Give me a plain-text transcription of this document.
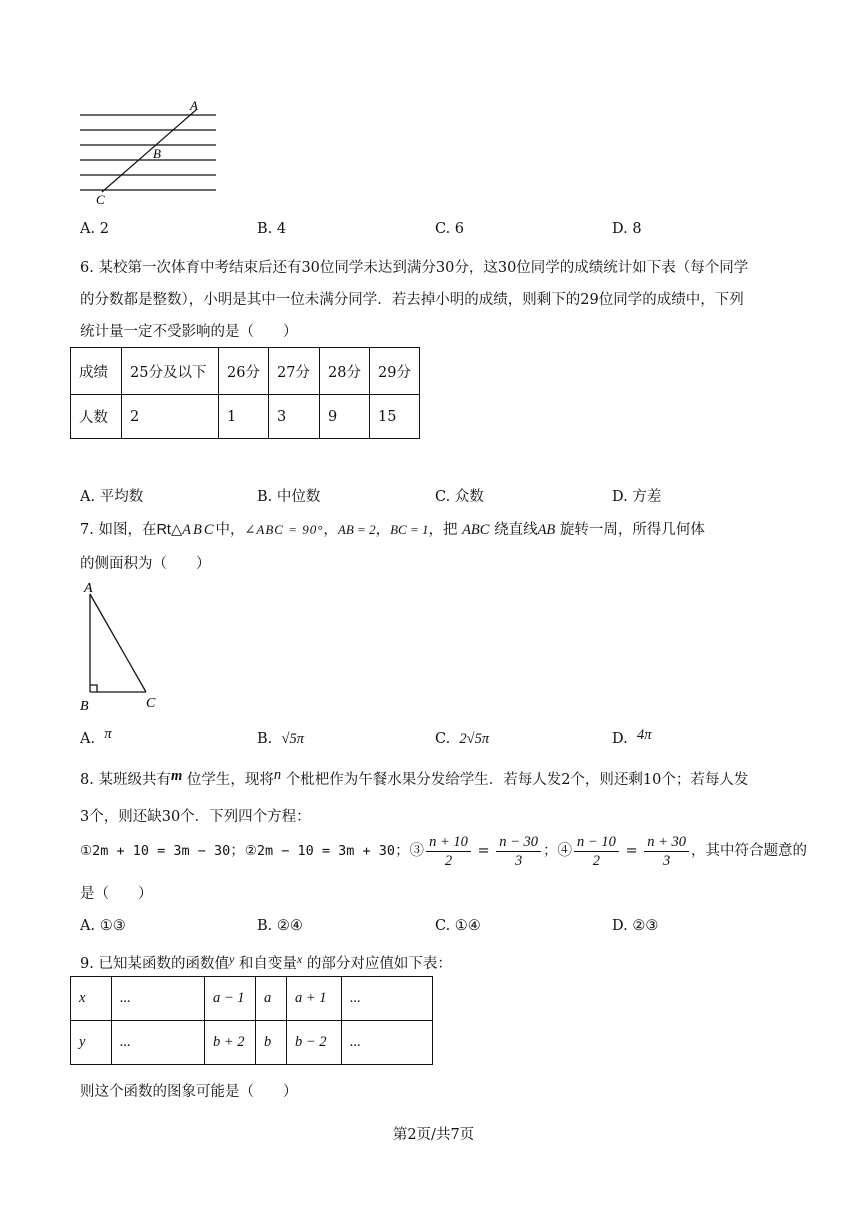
A
B
C
A. 2	B. 4	C. 6	D. 8
6. 某校第一次体育中考结束后还有30位同学未达到满分30分，这30位同学的成绩统计如下表（每个同学
的分数都是整数），小明是其中一位未满分同学．若去掉小明的成绩，则剩下的29位同学的成绩中，下列
统计量一定不受影响的是（　　）
成绩	25分及以下	26分	27分	28分	29分
人数	2	1	3	9	15
A. 平均数	B. 中位数	C. 众数	D. 方差
7. 如图，在Rt△ABC中，∠ABC = 90°，AB = 2，BC = 1，把 ABC 绕直线AB 旋转一周，所得几何体
的侧面积为（　　）
A
B	C
A. π	B. √5π	C. 2√5π	D. 4π
8. 某班级共有m 位学生，现将n 个枇杷作为午餐水果分发给学生．若每人发2个，则还剩10个；若每人发
3个，则还缺30个．下列四个方程：
①2m + 10 = 3m − 30；②2m − 10 = 3m + 30；③ $\frac{n + 10}{2} = \frac{n - 30}{3}$ ；④ $\frac{n - 10}{2} = \frac{n + 30}{3}$ ，其中符合题意的
是（　　）
A. ①③	B. ②④	C. ①④	D. ②③
9. 已知某函数的函数值$^y$ 和自变量$^x$ 的部分对应值如下表：
x	...	a − 1	a	a + 1	...
y	...	b + 2	b	b − 2	...
则这个函数的图象可能是（　　）
第2页/共7页
